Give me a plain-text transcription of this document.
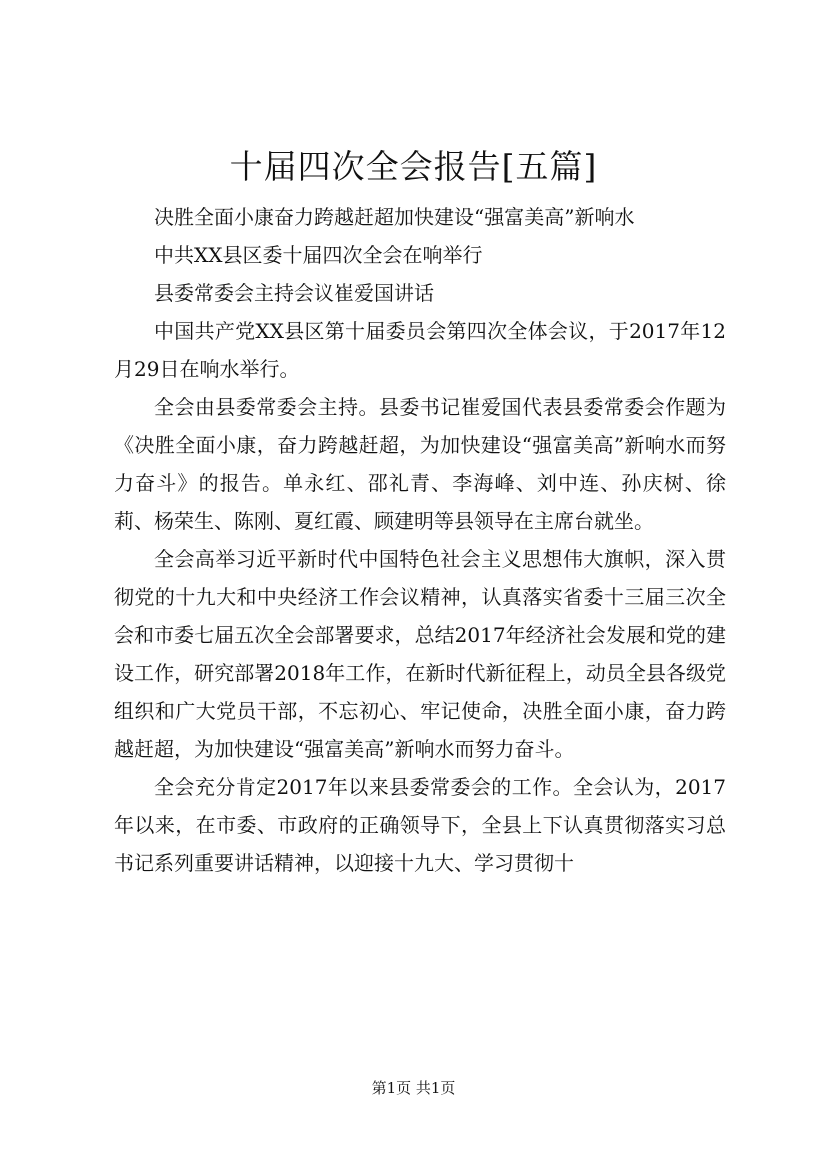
十届四次全会报告[五篇]

决胜全面小康奋力跨越赶超加快建设“强富美高”新响水

中共XX县区委十届四次全会在响举行

县委常委会主持会议崔爱国讲话

中国共产党XX县区第十届委员会第四次全体会议，于2017年12月29日在响水举行。

全会由县委常委会主持。县委书记崔爱国代表县委常委会作题为《决胜全面小康，奋力跨越赶超，为加快建设“强富美高”新响水而努力奋斗》的报告。单永红、邵礼青、李海峰、刘中连、孙庆树、徐莉、杨荣生、陈刚、夏红霞、顾建明等县领导在主席台就坐。

全会高举习近平新时代中国特色社会主义思想伟大旗帜，深入贯彻党的十九大和中央经济工作会议精神，认真落实省委十三届三次全会和市委七届五次全会部署要求，总结2017年经济社会发展和党的建设工作，研究部署2018年工作，在新时代新征程上，动员全县各级党组织和广大党员干部，不忘初心、牢记使命，决胜全面小康，奋力跨越赶超，为加快建设“强富美高”新响水而努力奋斗。

全会充分肯定2017年以来县委常委会的工作。全会认为，2017年以来，在市委、市政府的正确领导下，全县上下认真贯彻落实习总书记系列重要讲话精神，以迎接十九大、学习贯彻十

第1页 共1页
